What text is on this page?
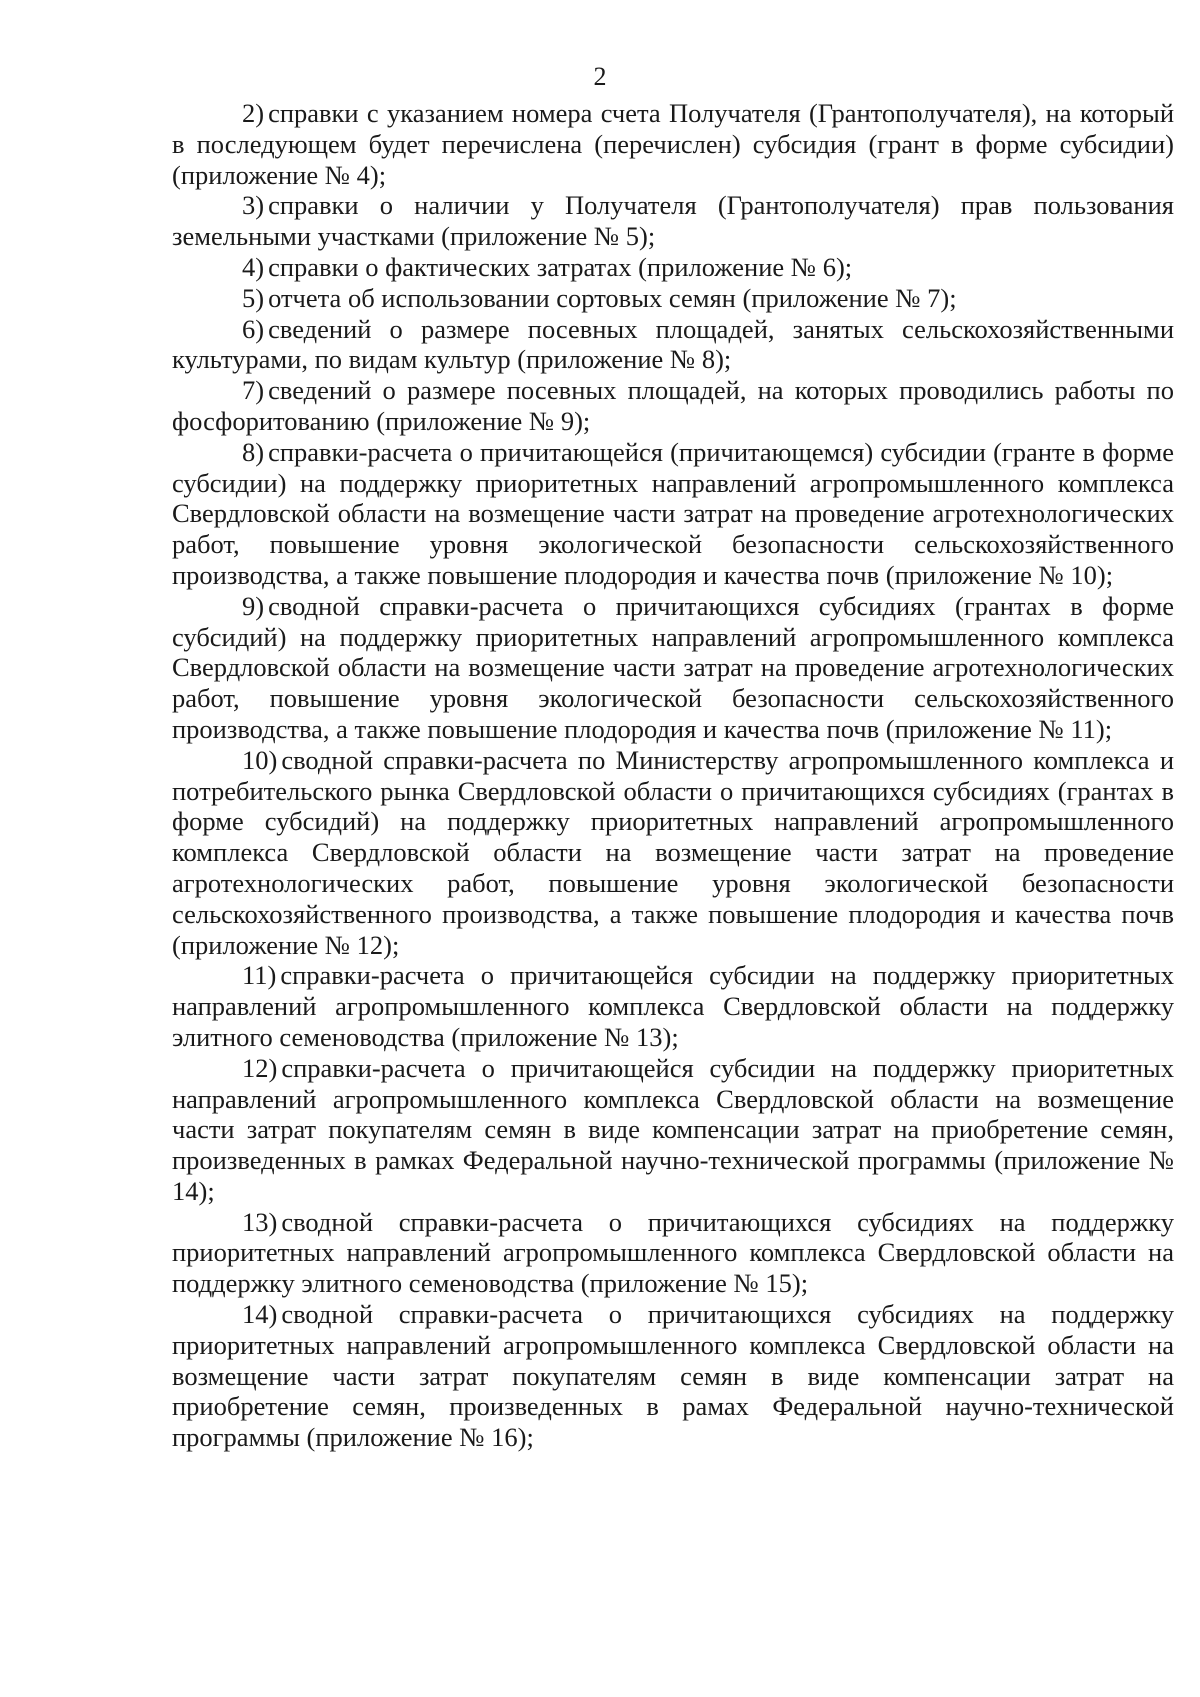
2

2) справки с указанием номера счета Получателя (Грантополучателя), на который в последующем будет перечислена (перечислен) субсидия (грант в форме субсидии) (приложение № 4);

3) справки о наличии у Получателя (Грантополучателя) прав пользования земельными участками (приложение № 5);

4) справки о фактических затратах (приложение № 6);

5) отчета об использовании сортовых семян (приложение № 7);

6) сведений о размере посевных площадей, занятых сельскохозяйственными культурами, по видам культур (приложение № 8);

7) сведений о размере посевных площадей, на которых проводились работы по фосфоритованию (приложение № 9);

8) справки-расчета о причитающейся (причитающемся) субсидии (гранте в форме субсидии) на поддержку приоритетных направлений агропромышленного комплекса Свердловской области на возмещение части затрат на проведение агротехнологических работ, повышение уровня экологической безопасности сельскохозяйственного производства, а также повышение плодородия и качества почв (приложение № 10);

9) сводной справки-расчета о причитающихся субсидиях (грантах в форме субсидий) на поддержку приоритетных направлений агропромышленного комплекса Свердловской области на возмещение части затрат на проведение агротехнологических работ, повышение уровня экологической безопасности сельскохозяйственного производства, а также повышение плодородия и качества почв (приложение № 11);

10) сводной справки-расчета по Министерству агропромышленного комплекса и потребительского рынка Свердловской области о причитающихся субсидиях (грантах в форме субсидий) на поддержку приоритетных направлений агропромышленного комплекса Свердловской области на возмещение части затрат на проведение агротехнологических работ, повышение уровня экологической безопасности сельскохозяйственного производства, а также повышение плодородия и качества почв (приложение № 12);

11) справки-расчета о причитающейся субсидии на поддержку приоритетных направлений агропромышленного комплекса Свердловской области на поддержку элитного семеноводства (приложение № 13);

12) справки-расчета о причитающейся субсидии на поддержку приоритетных направлений агропромышленного комплекса Свердловской области на возмещение части затрат покупателям семян в виде компенсации затрат на приобретение семян, произведенных в рамках Федеральной научно-технической программы (приложение № 14);

13) сводной справки-расчета о причитающихся субсидиях на поддержку приоритетных направлений агропромышленного комплекса Свердловской области на поддержку элитного семеноводства (приложение № 15);

14) сводной справки-расчета о причитающихся субсидиях на поддержку приоритетных направлений агропромышленного комплекса Свердловской области на возмещение части затрат покупателям семян в виде компенсации затрат на приобретение семян, произведенных в рамах Федеральной научно-технической программы (приложение № 16);
